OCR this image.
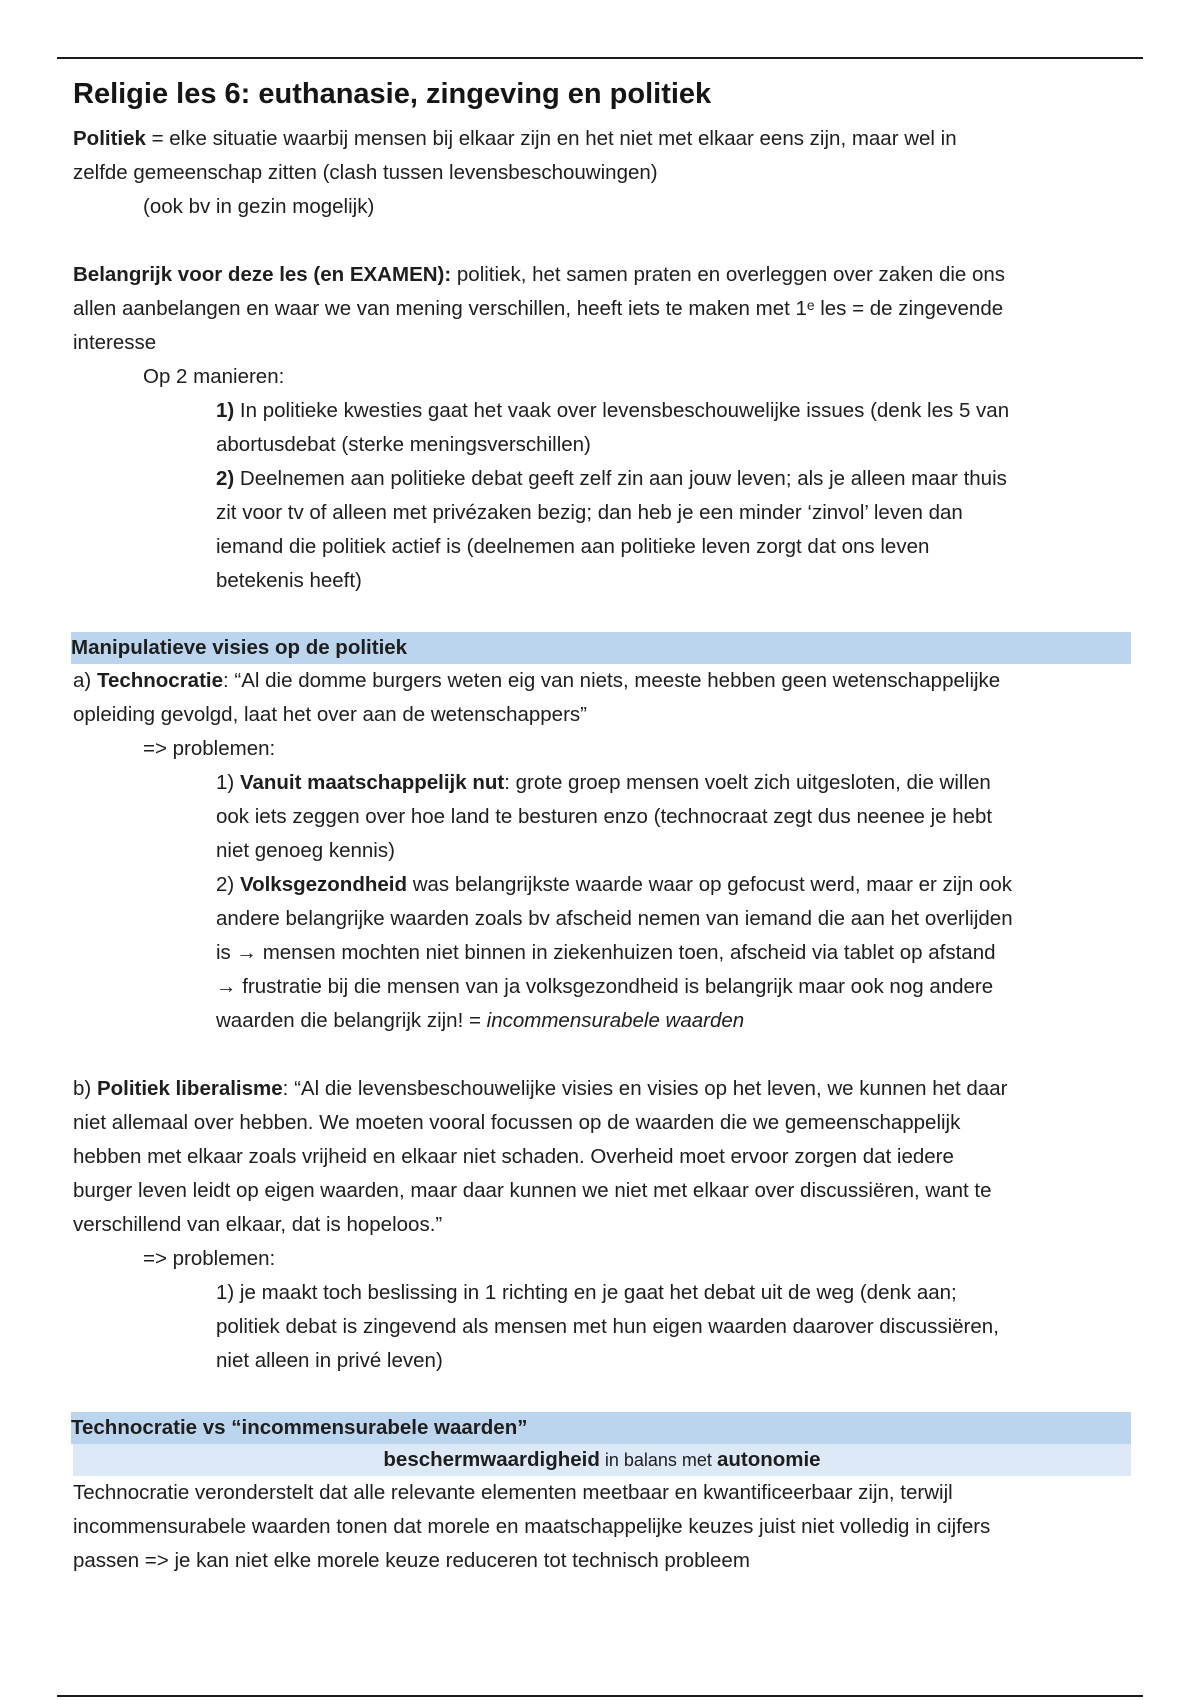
Religie les 6: euthanasie, zingeving en politiek

Politiek = elke situatie waarbij mensen bij elkaar zijn en het niet met elkaar eens zijn, maar wel in

zelfde gemeenschap zitten (clash tussen levensbeschouwingen)

(ook bv in gezin mogelijk)

Belangrijk voor deze les (en EXAMEN): politiek, het samen praten en overleggen over zaken die ons

allen aanbelangen en waar we van mening verschillen, heeft iets te maken met 1ᵉ les = de zingevende

interesse

Op 2 manieren:

1) In politieke kwesties gaat het vaak over levensbeschouwelijke issues (denk les 5 van

abortusdebat (sterke meningsverschillen)

2) Deelnemen aan politieke debat geeft zelf zin aan jouw leven; als je alleen maar thuis

zit voor tv of alleen met privézaken bezig; dan heb je een minder ‘zinvol’ leven dan

iemand die politiek actief is (deelnemen aan politieke leven zorgt dat ons leven

betekenis heeft)

Manipulatieve visies op de politiek

a) Technocratie: “Al die domme burgers weten eig van niets, meeste hebben geen wetenschappelijke

opleiding gevolgd, laat het over aan de wetenschappers”

=> problemen:

1) Vanuit maatschappelijk nut: grote groep mensen voelt zich uitgesloten, die willen

ook iets zeggen over hoe land te besturen enzo (technocraat zegt dus neenee je hebt

niet genoeg kennis)

2) Volksgezondheid was belangrijkste waarde waar op gefocust werd, maar er zijn ook

andere belangrijke waarden zoals bv afscheid nemen van iemand die aan het overlijden

is → mensen mochten niet binnen in ziekenhuizen toen, afscheid via tablet op afstand

→ frustratie bij die mensen van ja volksgezondheid is belangrijk maar ook nog andere

waarden die belangrijk zijn! = incommensurabele waarden

b) Politiek liberalisme: “Al die levensbeschouwelijke visies en visies op het leven, we kunnen het daar

niet allemaal over hebben. We moeten vooral focussen op de waarden die we gemeenschappelijk

hebben met elkaar zoals vrijheid en elkaar niet schaden. Overheid moet ervoor zorgen dat iedere

burger leven leidt op eigen waarden, maar daar kunnen we niet met elkaar over discussiëren, want te

verschillend van elkaar, dat is hopeloos.”

=> problemen:

1) je maakt toch beslissing in 1 richting en je gaat het debat uit de weg (denk aan;

politiek debat is zingevend als mensen met hun eigen waarden daarover discussiëren,

niet alleen in privé leven)

Technocratie vs “incommensurabele waarden”
beschermwaardigheid in balans met autonomie

Technocratie veronderstelt dat alle relevante elementen meetbaar en kwantificeerbaar zijn, terwijl

incommensurabele waarden tonen dat morele en maatschappelijke keuzes juist niet volledig in cijfers

passen => je kan niet elke morele keuze reduceren tot technisch probleem
